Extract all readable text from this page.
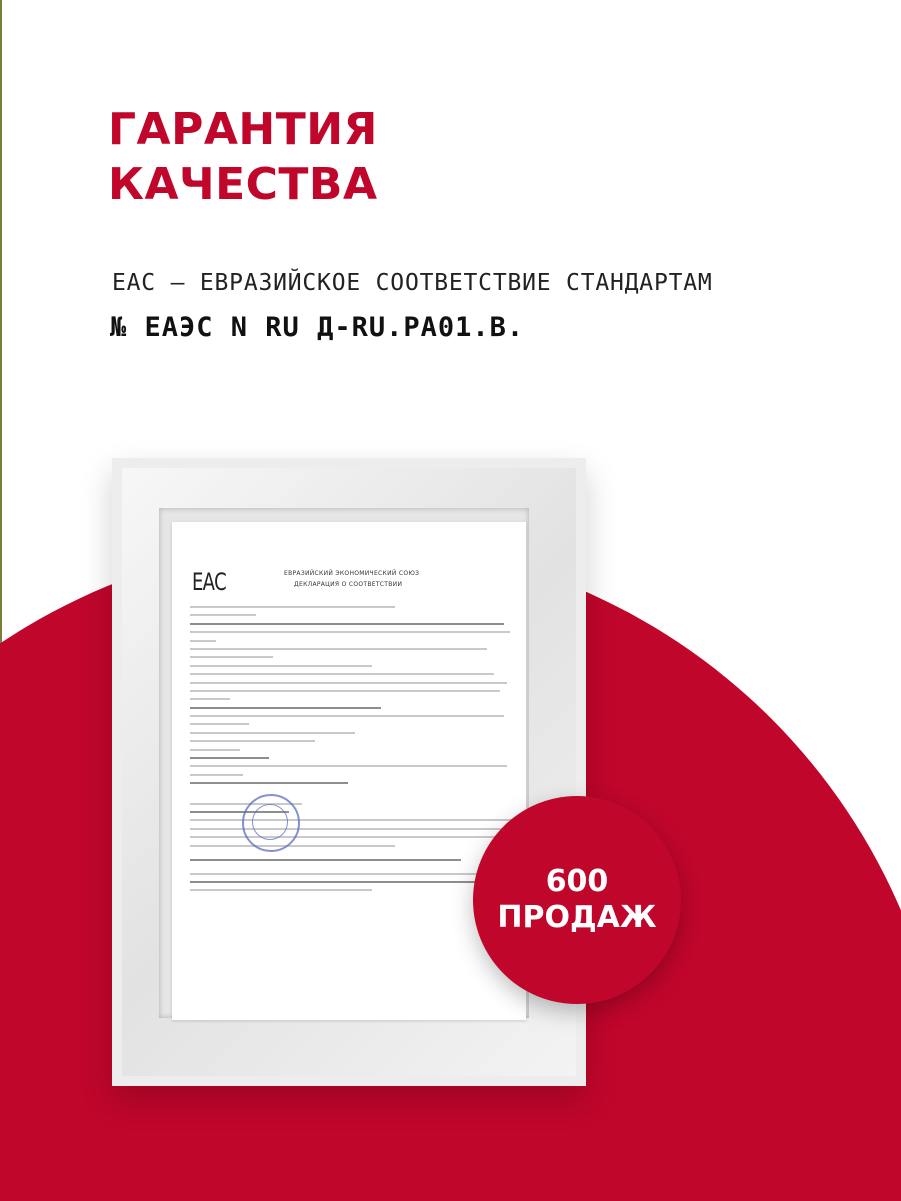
ГАРАНТИЯ
КАЧЕСТВА
EAC – ЕВРАЗИЙСКОЕ СООТВЕТСТВИЕ СТАНДАРТАМ
№ ЕАЭС N RU Д-RU.PA01.B.
ЕАС	ЕВРАЗИЙСКИЙ ЭКОНОМИЧЕСКИЙ СОЮЗ
ДЕКЛАРАЦИЯ О СООТВЕТСТВИИ
600
ПРОДАЖ
